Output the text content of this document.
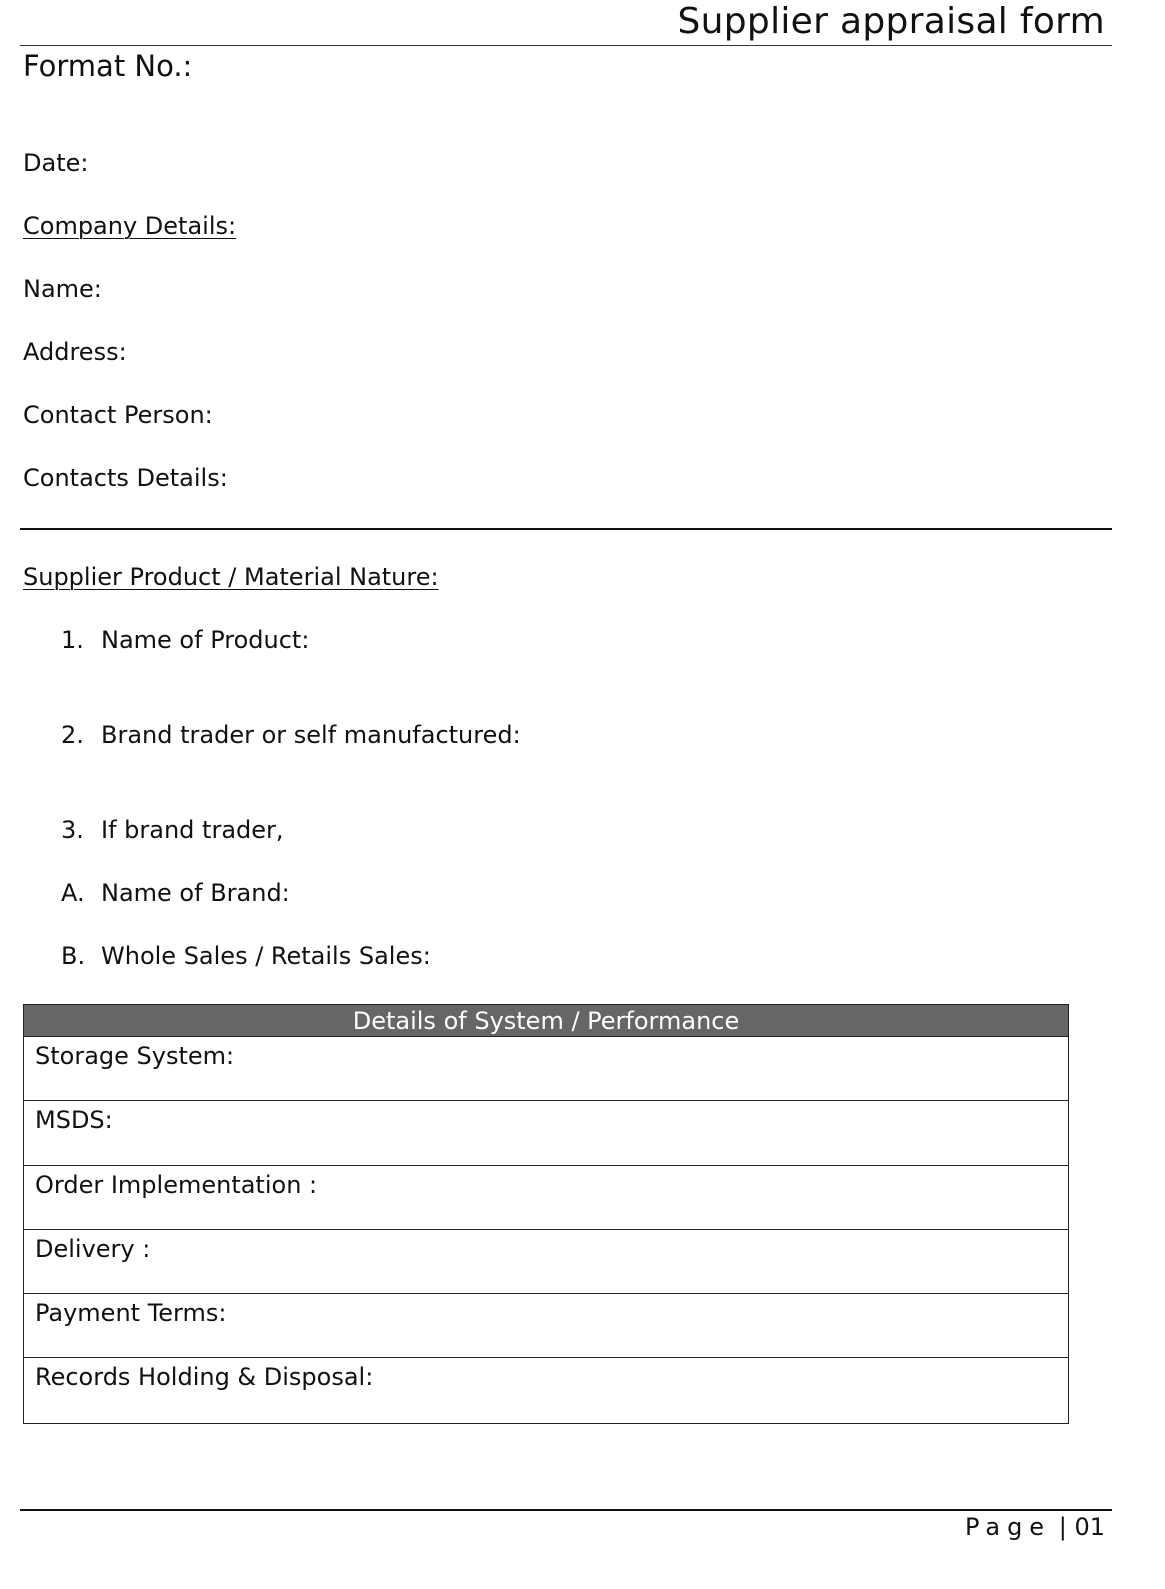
Supplier appraisal form
Format No.:
Date:
Company Details:
Name:
Address:
Contact Person:
Contacts Details:
Supplier Product / Material Nature:
1. Name of Product:
2. Brand trader or self manufactured:
3. If brand trader,
A. Name of Brand:
B. Whole Sales / Retails Sales:
Details of System / Performance
Storage System:
MSDS:
Order Implementation :
Delivery :
Payment Terms:
Records Holding & Disposal:
Page | 01
